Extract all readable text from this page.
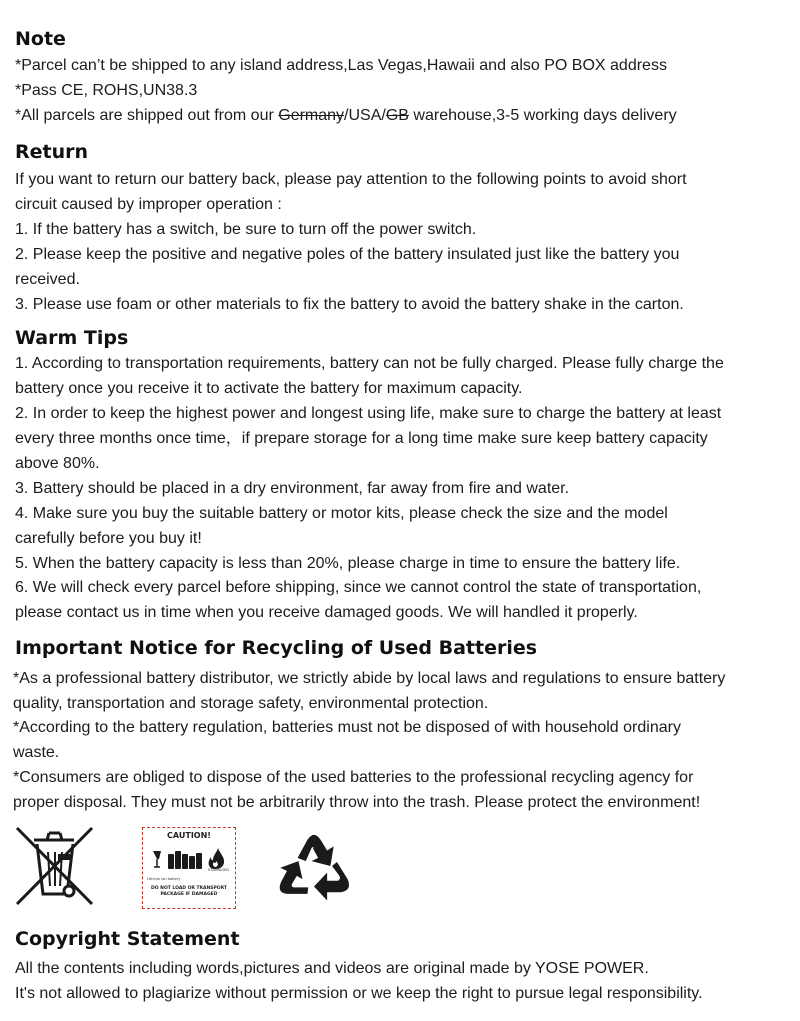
Note

*Parcel can’t be shipped to any island address,Las Vegas,Hawaii and also PO BOX address

*Pass CE, ROHS,UN38.3

*All parcels are shipped out from our Germany/USA/GB warehouse,3-5 working days delivery

Return

If you want to return our battery back, please pay attention to the following points to avoid short

circuit caused by improper operation :

1. If the battery has a switch, be sure to turn off the power switch.

2. Please keep the positive and negative poles of the battery insulated just like the battery you

received.

3. Please use foam or other materials to fix the battery to avoid the battery shake in the carton.

Warm Tips

1. According to transportation requirements, battery can not be fully charged. Please fully charge the

battery once you receive it to activate the battery for maximum capacity.

2. In order to keep the highest power and longest using life, make sure to charge the battery at least

every three months once time，if prepare storage for a long time make sure keep battery capacity

above 80%.

3. Battery should be placed in a dry environment, far away from fire and water.

4. Make sure you buy the suitable battery or motor kits, please check the size and the model

carefully before you buy it!

5. When the battery capacity is less than 20%, please charge in time to ensure the battery life.

6. We will check every parcel before shipping, since we cannot control the state of transportation,

please contact us in time when you receive damaged goods. We will handled it properly.

Important Notice for Recycling of Used Batteries

*As a professional battery distributor, we strictly abide by local laws and regulations to ensure battery

quality, transportation and storage safety, environmental protection.

*According to the battery regulation, batteries must not be disposed of with household ordinary

waste.

*Consumers are obliged to dispose of the used batteries to the professional recycling agency for

proper disposal. They must not be arbitrarily throw into the trash. Please protect the environment!

CAUTION!
Lithium ion battery
If DAMAGED
DO NOT LOAD OR TRANSPORT
PACKAGE IF DAMAGED
Copyright Statement

All the contents including words,pictures and videos are original made by YOSE POWER.

It's not allowed to plagiarize without permission or we keep the right to pursue legal responsibility.
